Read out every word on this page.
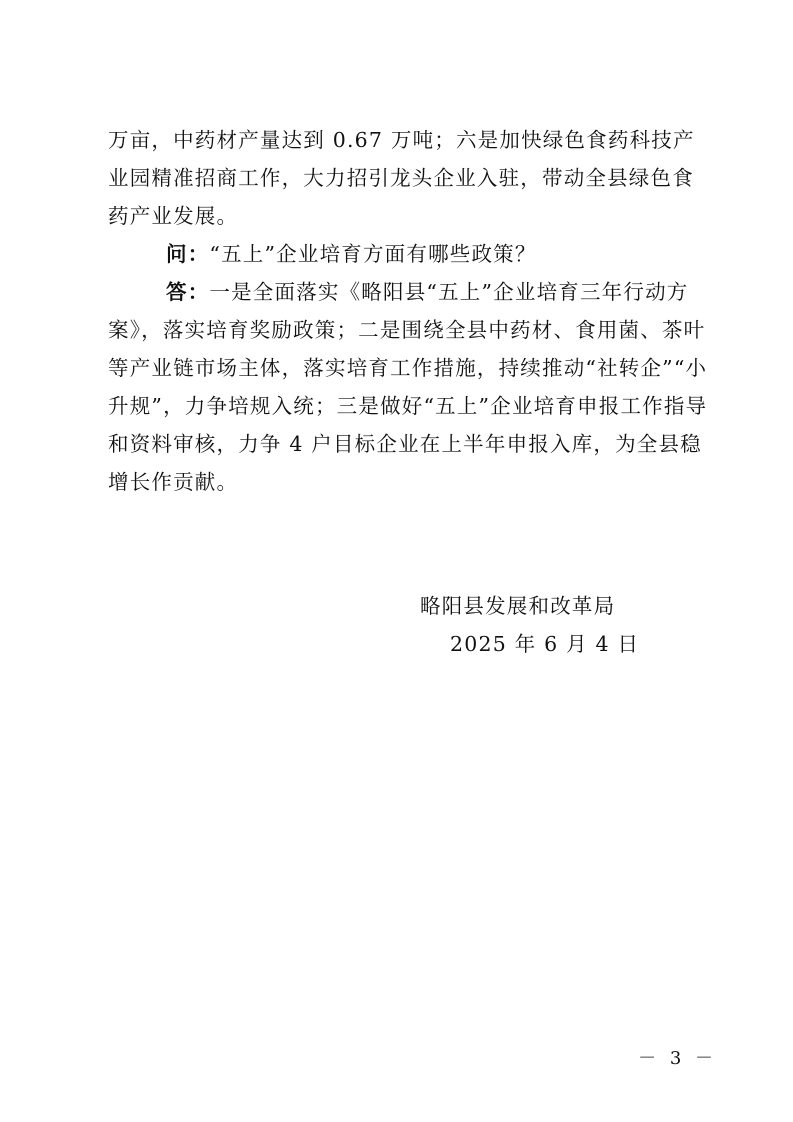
万亩，中药材产量达到 0.67 万吨；六是加快绿色食药科技产业园精准招商工作，大力招引龙头企业入驻，带动全县绿色食药产业发展。

问：“五上”企业培育方面有哪些政策？

答：一是全面落实《略阳县“五上”企业培育三年行动方案》，落实培育奖励政策；二是围绕全县中药材、食用菌、茶叶等产业链市场主体，落实培育工作措施，持续推动“社转企”“小升规”，力争培规入统；三是做好“五上”企业培育申报工作指导和资料审核，力争 4 户目标企业在上半年申报入库，为全县稳增长作贡献。

略阳县发展和改革局
2025 年 6 月 4 日
－ 3 －
